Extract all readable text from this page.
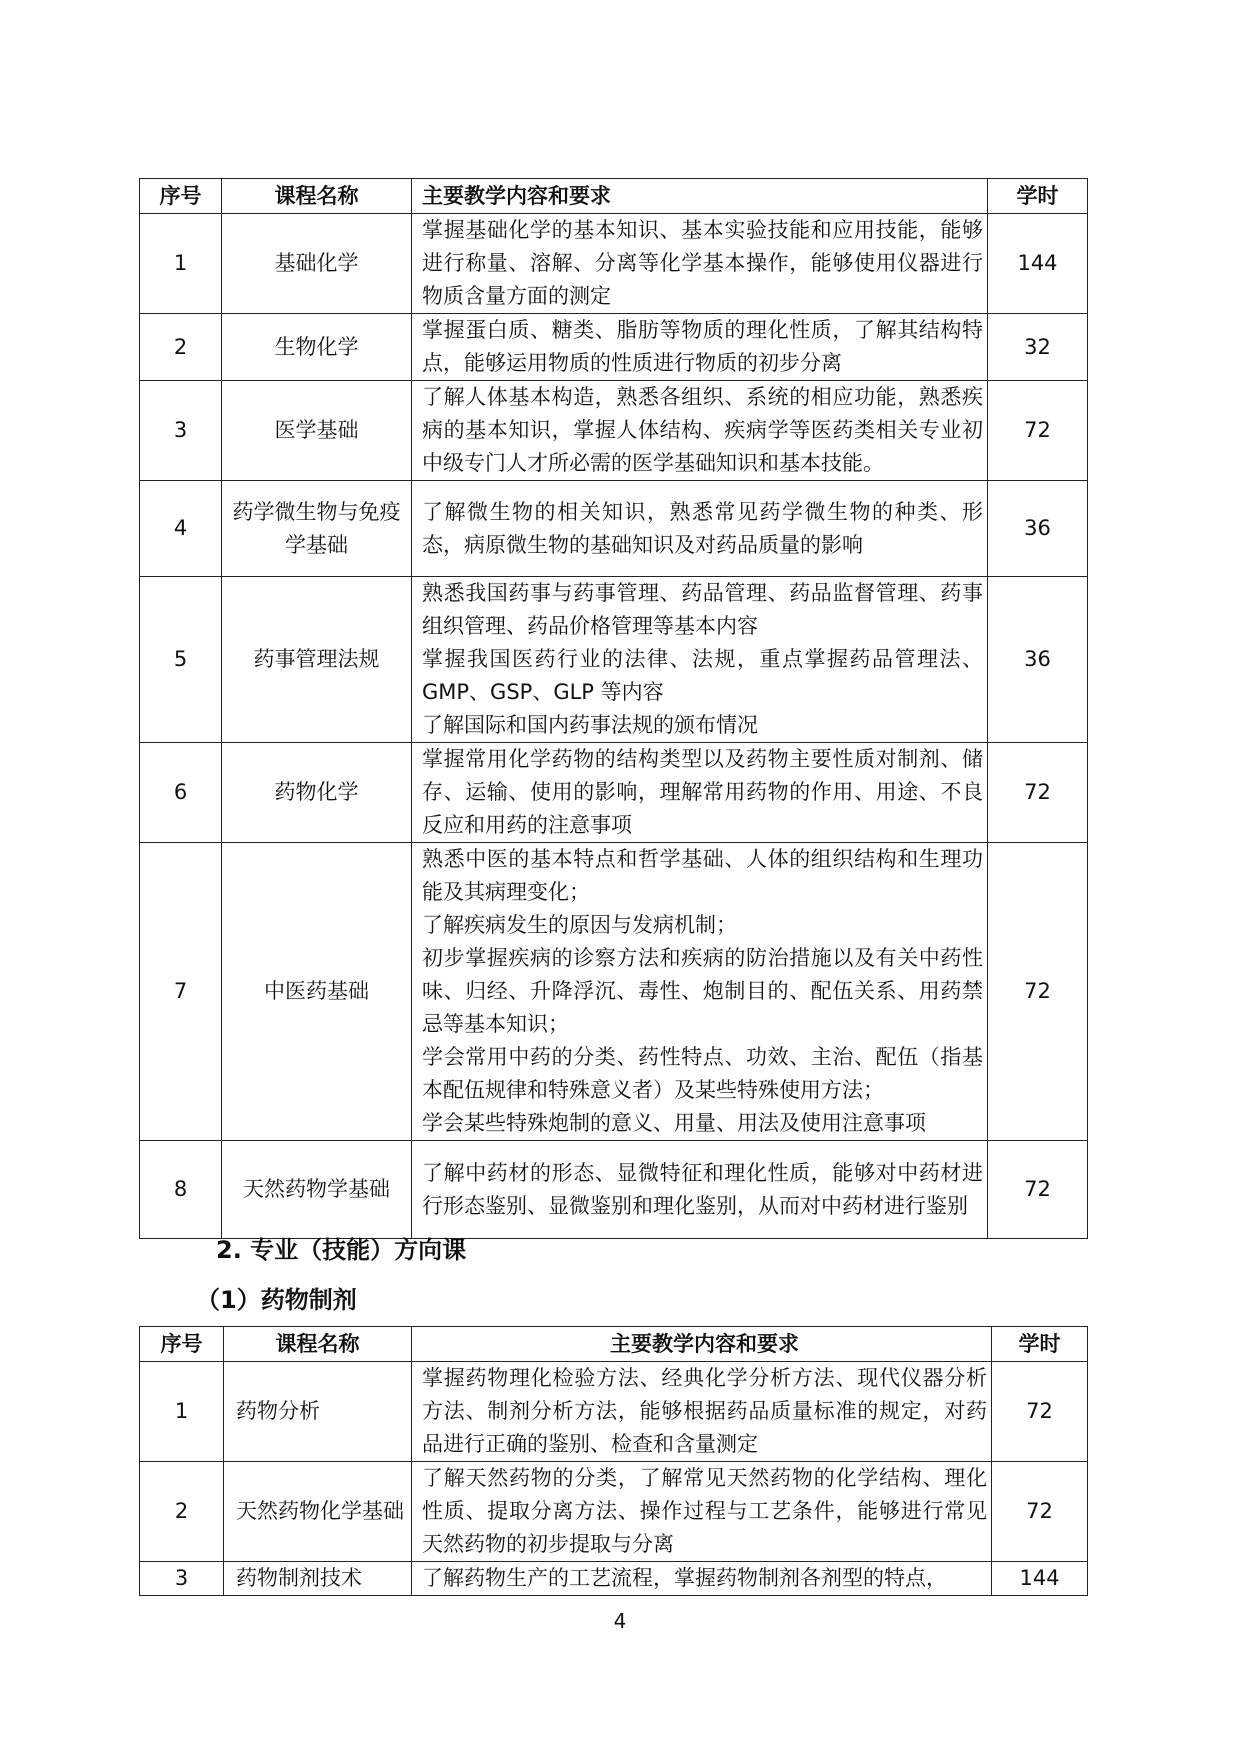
序号	课程名称	主要教学内容和要求	学时
1	基础化学	掌握基础化学的基本知识、基本实验技能和应用技能，能够进行称量、溶解、分离等化学基本操作，能够使用仪器进行物质含量方面的测定	144
2	生物化学	掌握蛋白质、糖类、脂肪等物质的理化性质，了解其结构特点，能够运用物质的性质进行物质的初步分离	32
3	医学基础	了解人体基本构造，熟悉各组织、系统的相应功能，熟悉疾病的基本知识，掌握人体结构、疾病学等医药类相关专业初中级专门人才所必需的医学基础知识和基本技能。	72
4	药学微生物与免疫学基础	了解微生物的相关知识，熟悉常见药学微生物的种类、形态，病原微生物的基础知识及对药品质量的影响	36
5	药事管理法规	熟悉我国药事与药事管理、药品管理、药品监督管理、药事组织管理、药品价格管理等基本内容
掌握我国医药行业的法律、法规，重点掌握药品管理法、GMP、GSP、GLP 等内容
了解国际和国内药事法规的颁布情况	36
6	药物化学	掌握常用化学药物的结构类型以及药物主要性质对制剂、储存、运输、使用的影响，理解常用药物的作用、用途、不良反应和用药的注意事项	72
7	中医药基础	熟悉中医的基本特点和哲学基础、人体的组织结构和生理功能及其病理变化；
了解疾病发生的原因与发病机制；
初步掌握疾病的诊察方法和疾病的防治措施以及有关中药性味、归经、升降浮沉、毒性、炮制目的、配伍关系、用药禁忌等基本知识；
学会常用中药的分类、药性特点、功效、主治、配伍（指基本配伍规律和特殊意义者）及某些特殊使用方法；
学会某些特殊炮制的意义、用量、用法及使用注意事项	72
8	天然药物学基础	了解中药材的形态、显微特征和理化性质，能够对中药材进行形态鉴别、显微鉴别和理化鉴别，从而对中药材进行鉴别	72
2. 专业（技能）方向课
（1）药物制剂
序号	课程名称	主要教学内容和要求	学时
1	药物分析	掌握药物理化检验方法、经典化学分析方法、现代仪器分析方法、制剂分析方法，能够根据药品质量标准的规定，对药品进行正确的鉴别、检查和含量测定	72
2	天然药物化学基础	了解天然药物的分类，了解常见天然药物的化学结构、理化性质、提取分离方法、操作过程与工艺条件，能够进行常见天然药物的初步提取与分离	72
3	药物制剂技术	了解药物生产的工艺流程，掌握药物制剂各剂型的特点，	144
4
